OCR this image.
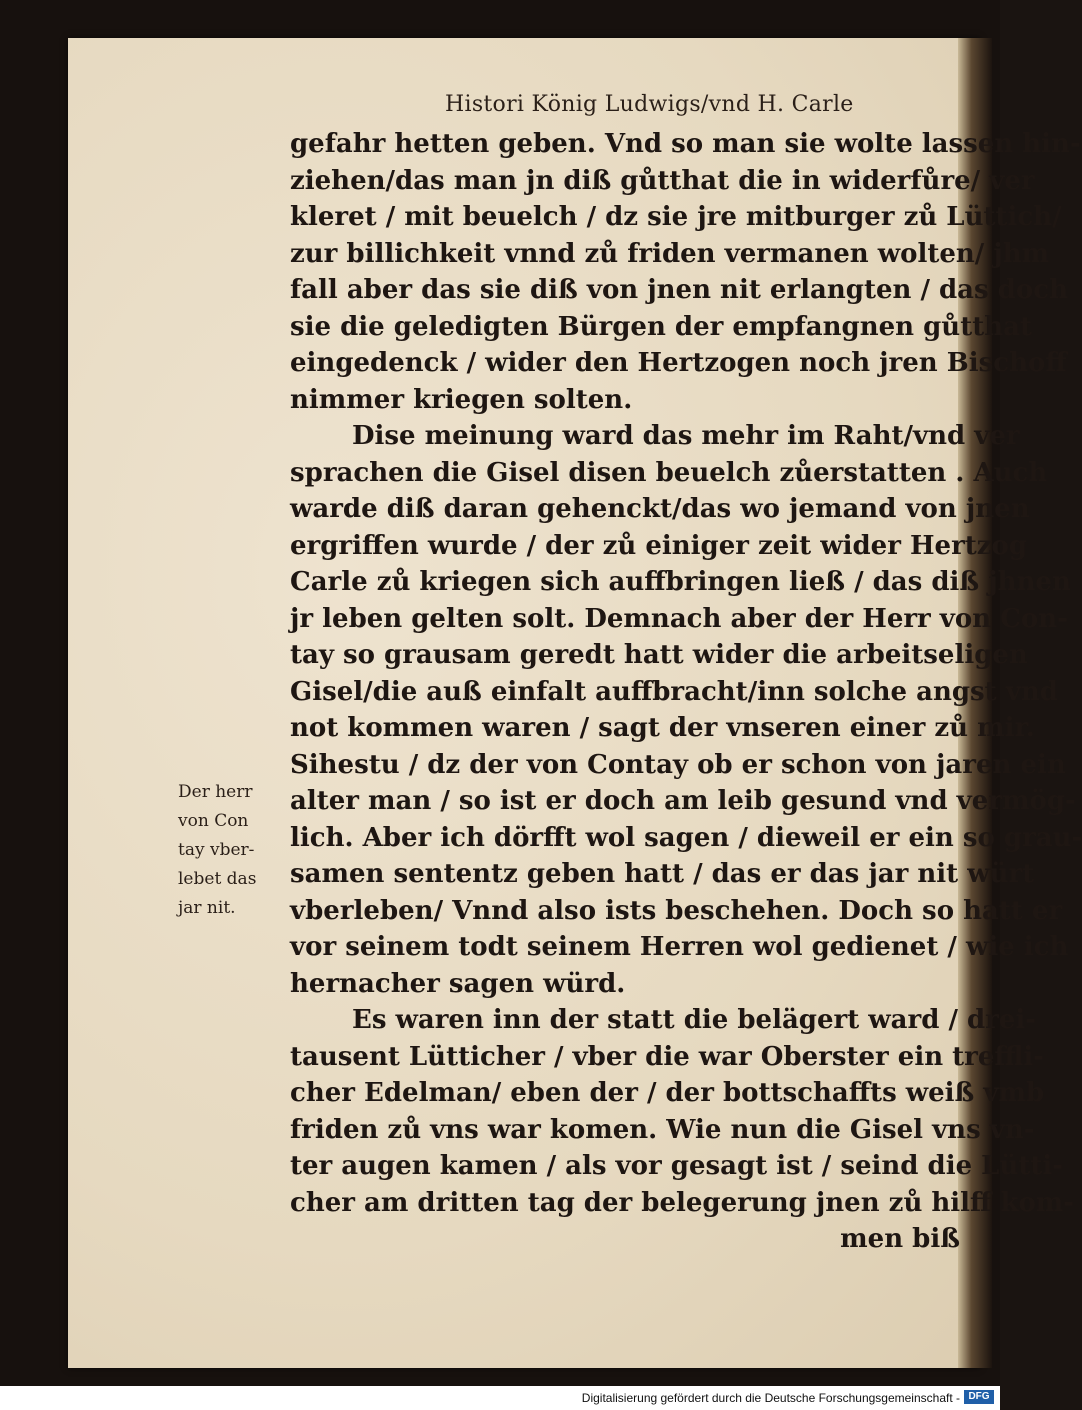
Histori König Ludwigs/vnd H. Carle
gefahr hetten geben. Vnd so man sie wolte lassen hin-
ziehen/das man jn diß gůtthat die in widerfůre/ ver
kleret / mit beuelch / dz sie jre mitburger zů Lüttich/
zur billichkeit vnnd zů friden vermanen wolten/ jhm
fall aber das sie diß von jnen nit erlangten / das doch
sie die geledigten Bürgen der empfangnen gůtthat
eingedenck / wider den Hertzogen noch jren Bischoff
nimmer kriegen solten.
Dise meinung ward das mehr im Raht/vnd ver
sprachen die Gisel disen beuelch zůerstatten . Auch
warde diß daran gehenckt/das wo jemand von jnen
ergriffen wurde / der zů einiger zeit wider Hertzog
Carle zů kriegen sich auffbringen ließ / das diß jhnen
jr leben gelten solt. Demnach aber der Herr von Con-
tay so grausam geredt hatt wider die arbeitseligen
Gisel/die auß einfalt auffbracht/inn solche angst vnd
not kommen waren / sagt der vnseren einer zů mir.
Sihestu / dz der von Contay ob er schon von jaren ein
alter man / so ist er doch am leib gesund vnd vermög-
lich. Aber ich dörfft wol sagen / dieweil er ein so grau-
samen sententz geben hatt / das er das jar nit würt
vberleben/ Vnnd also ists beschehen. Doch so hatt er
vor seinem todt seinem Herren wol gedienet / wie ich
hernacher sagen würd.
Es waren inn der statt die belägert ward / drei-
tausent Lütticher / vber die war Oberster ein treffli-
cher Edelman/ eben der / der bottschaffts weiß vmb
friden zů vns war komen. Wie nun die Gisel vns vn-
ter augen kamen / als vor gesagt ist / seind die Lütti-
cher am dritten tag der belegerung jnen zů hilff kom-
men biß
Der herr
von Con
tay vber-
lebet das
jar nit.
Digitalisierung gefördert durch die Deutsche Forschungsgemeinschaft - DFG
